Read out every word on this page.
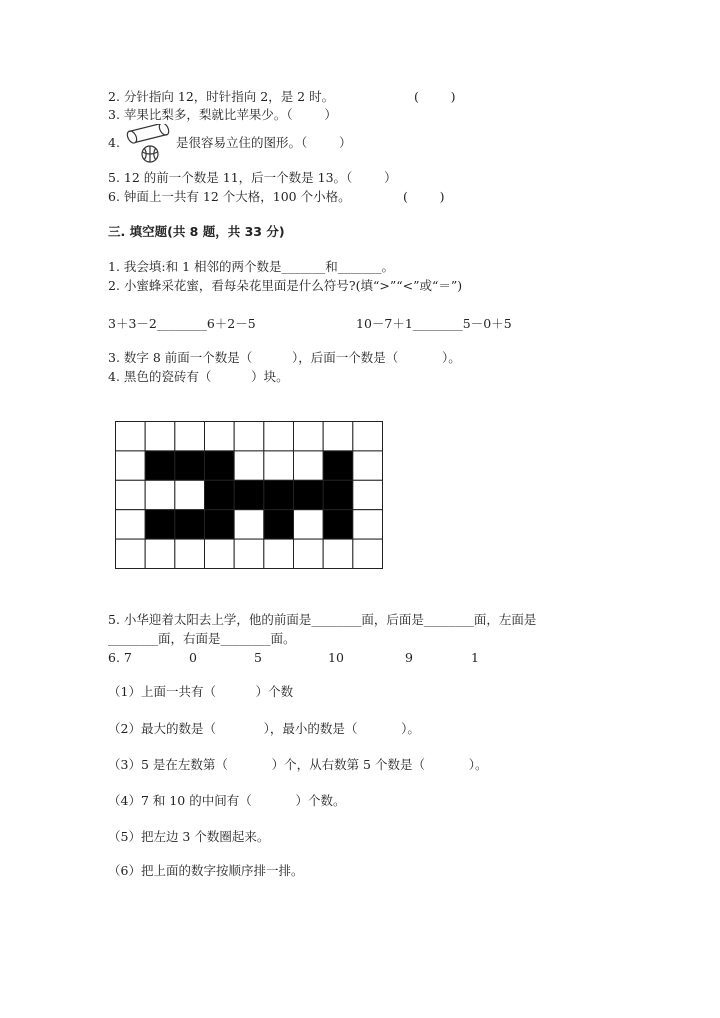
2. 分针指向 12，时针指向 2，是 2 时。	(        )
3. 苹果比梨多，梨就比苹果少。（        ）
4.	是很容易立住的图形。（        ）
5. 12 的前一个数是 11，后一个数是 13。（        ）
6. 钟面上一共有 12 个大格，100 个小格。	(        )
三. 填空题(共 8 题，共 33 分)
1. 我会填:和 1 相邻的两个数是_______和_______。
2. 小蜜蜂采花蜜，看每朵花里面是什么符号?(填“>”“<”或“＝”)
3＋3－2________6＋2－5	10－7＋1________5－0＋5
3. 数字 8 前面一个数是（          ），后面一个数是（           ）。
4. 黑色的瓷砖有（          ）块。
5. 小华迎着太阳去上学，他的前面是________面，后面是________面，左面是
________面，右面是________面。
6. 7	0	5	10	9	1
（1）上面一共有（          ）个数
（2）最大的数是（            ），最小的数是（           ）。
（3）5 是在左数第（           ）个，从右数第 5 个数是（           ）。
（4）7 和 10 的中间有（           ）个数。
（5）把左边 3 个数圈起来。
（6）把上面的数字按顺序排一排。
